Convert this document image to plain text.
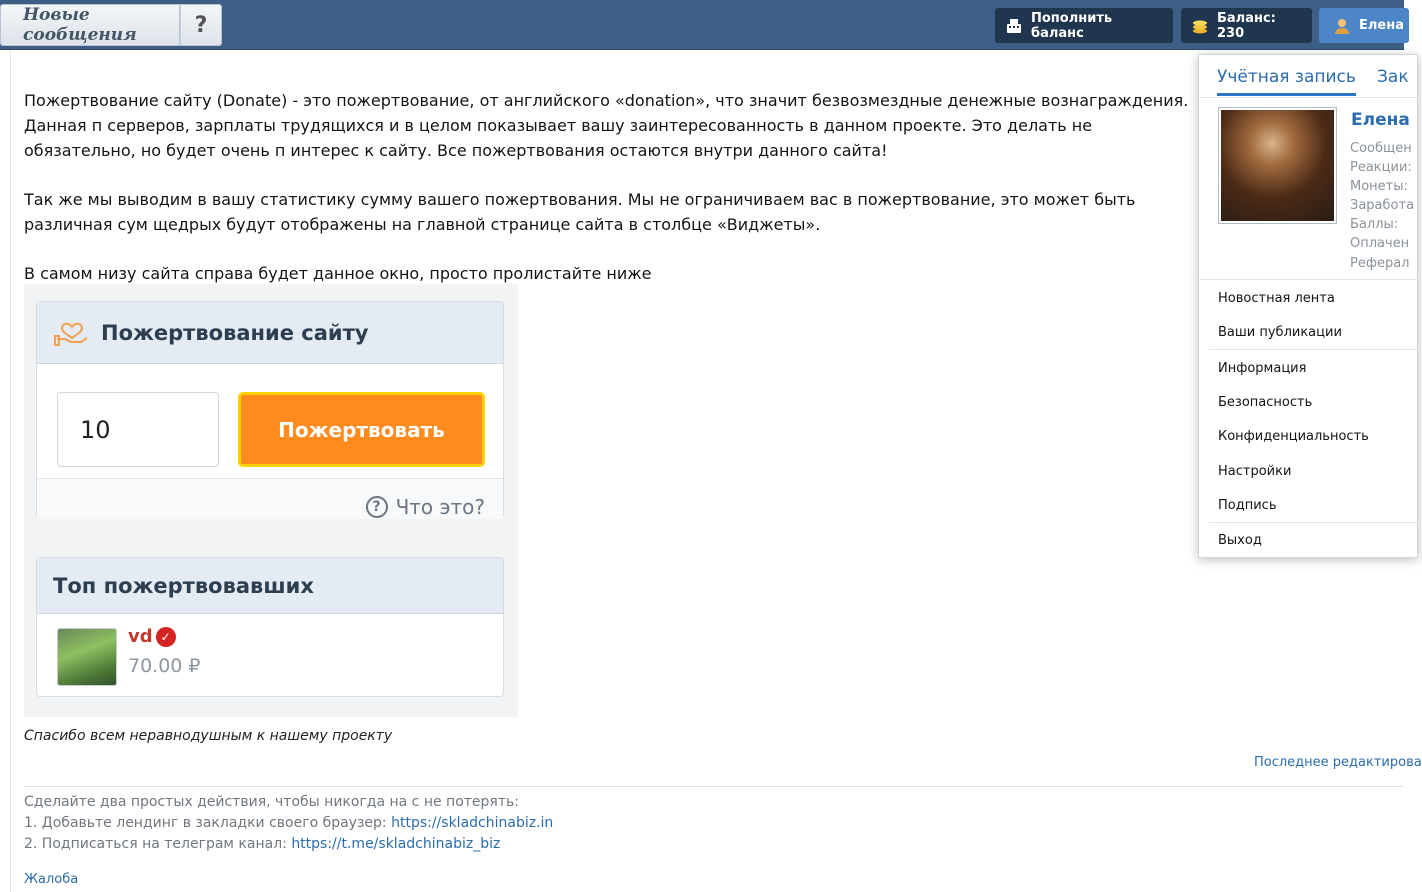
Новые сообщения	?	Пополнить баланс
Баланс: 230	Елена

Пожертвование сайту (Donate) - это пожертвование, от английского «donation», что значит безвозмездные денежные вознаграждения. Данная п серверов, зарплаты трудящихся и в целом показывает вашу заинтересованность в данном проекте. Это делать не обязательно, но будет очень п интерес к сайту. Все пожертвования остаются внутри данного сайта!

Так же мы выводим в вашу статистику сумму вашего пожертвования. Мы не ограничиваем вас в пожертвование, это может быть различная сум щедрых будут отображены на главной странице сайта в столбце «Виджеты».

В самом низу сайта справа будет данное окно, просто пролистайте ниже

Пожертвование сайту
10	Пожертвовать
? Что это?
Топ пожертвовавших
vd ✓
70.00 ₽
Спасибо всем неравнодушным к нашему проекту
Последнее редактирова
Сделайте два простых действия, чтобы никогда на с не потерять:
1. Добавьте лендинг в закладки своего браузер: https://skladchinabiz.in
2. Подписаться на телеграм канал: https://t.me/skladchinabiz_biz
Жалоба
Учётная запись Зак
Елена
Сообщен
Реакции:
Монеты:
Заработа
Баллы:
Оплачен
Реферал
Новостная лента
Ваши публикации
Информация
Безопасность
Конфиденциальность
Настройки
Подпись
Выход
